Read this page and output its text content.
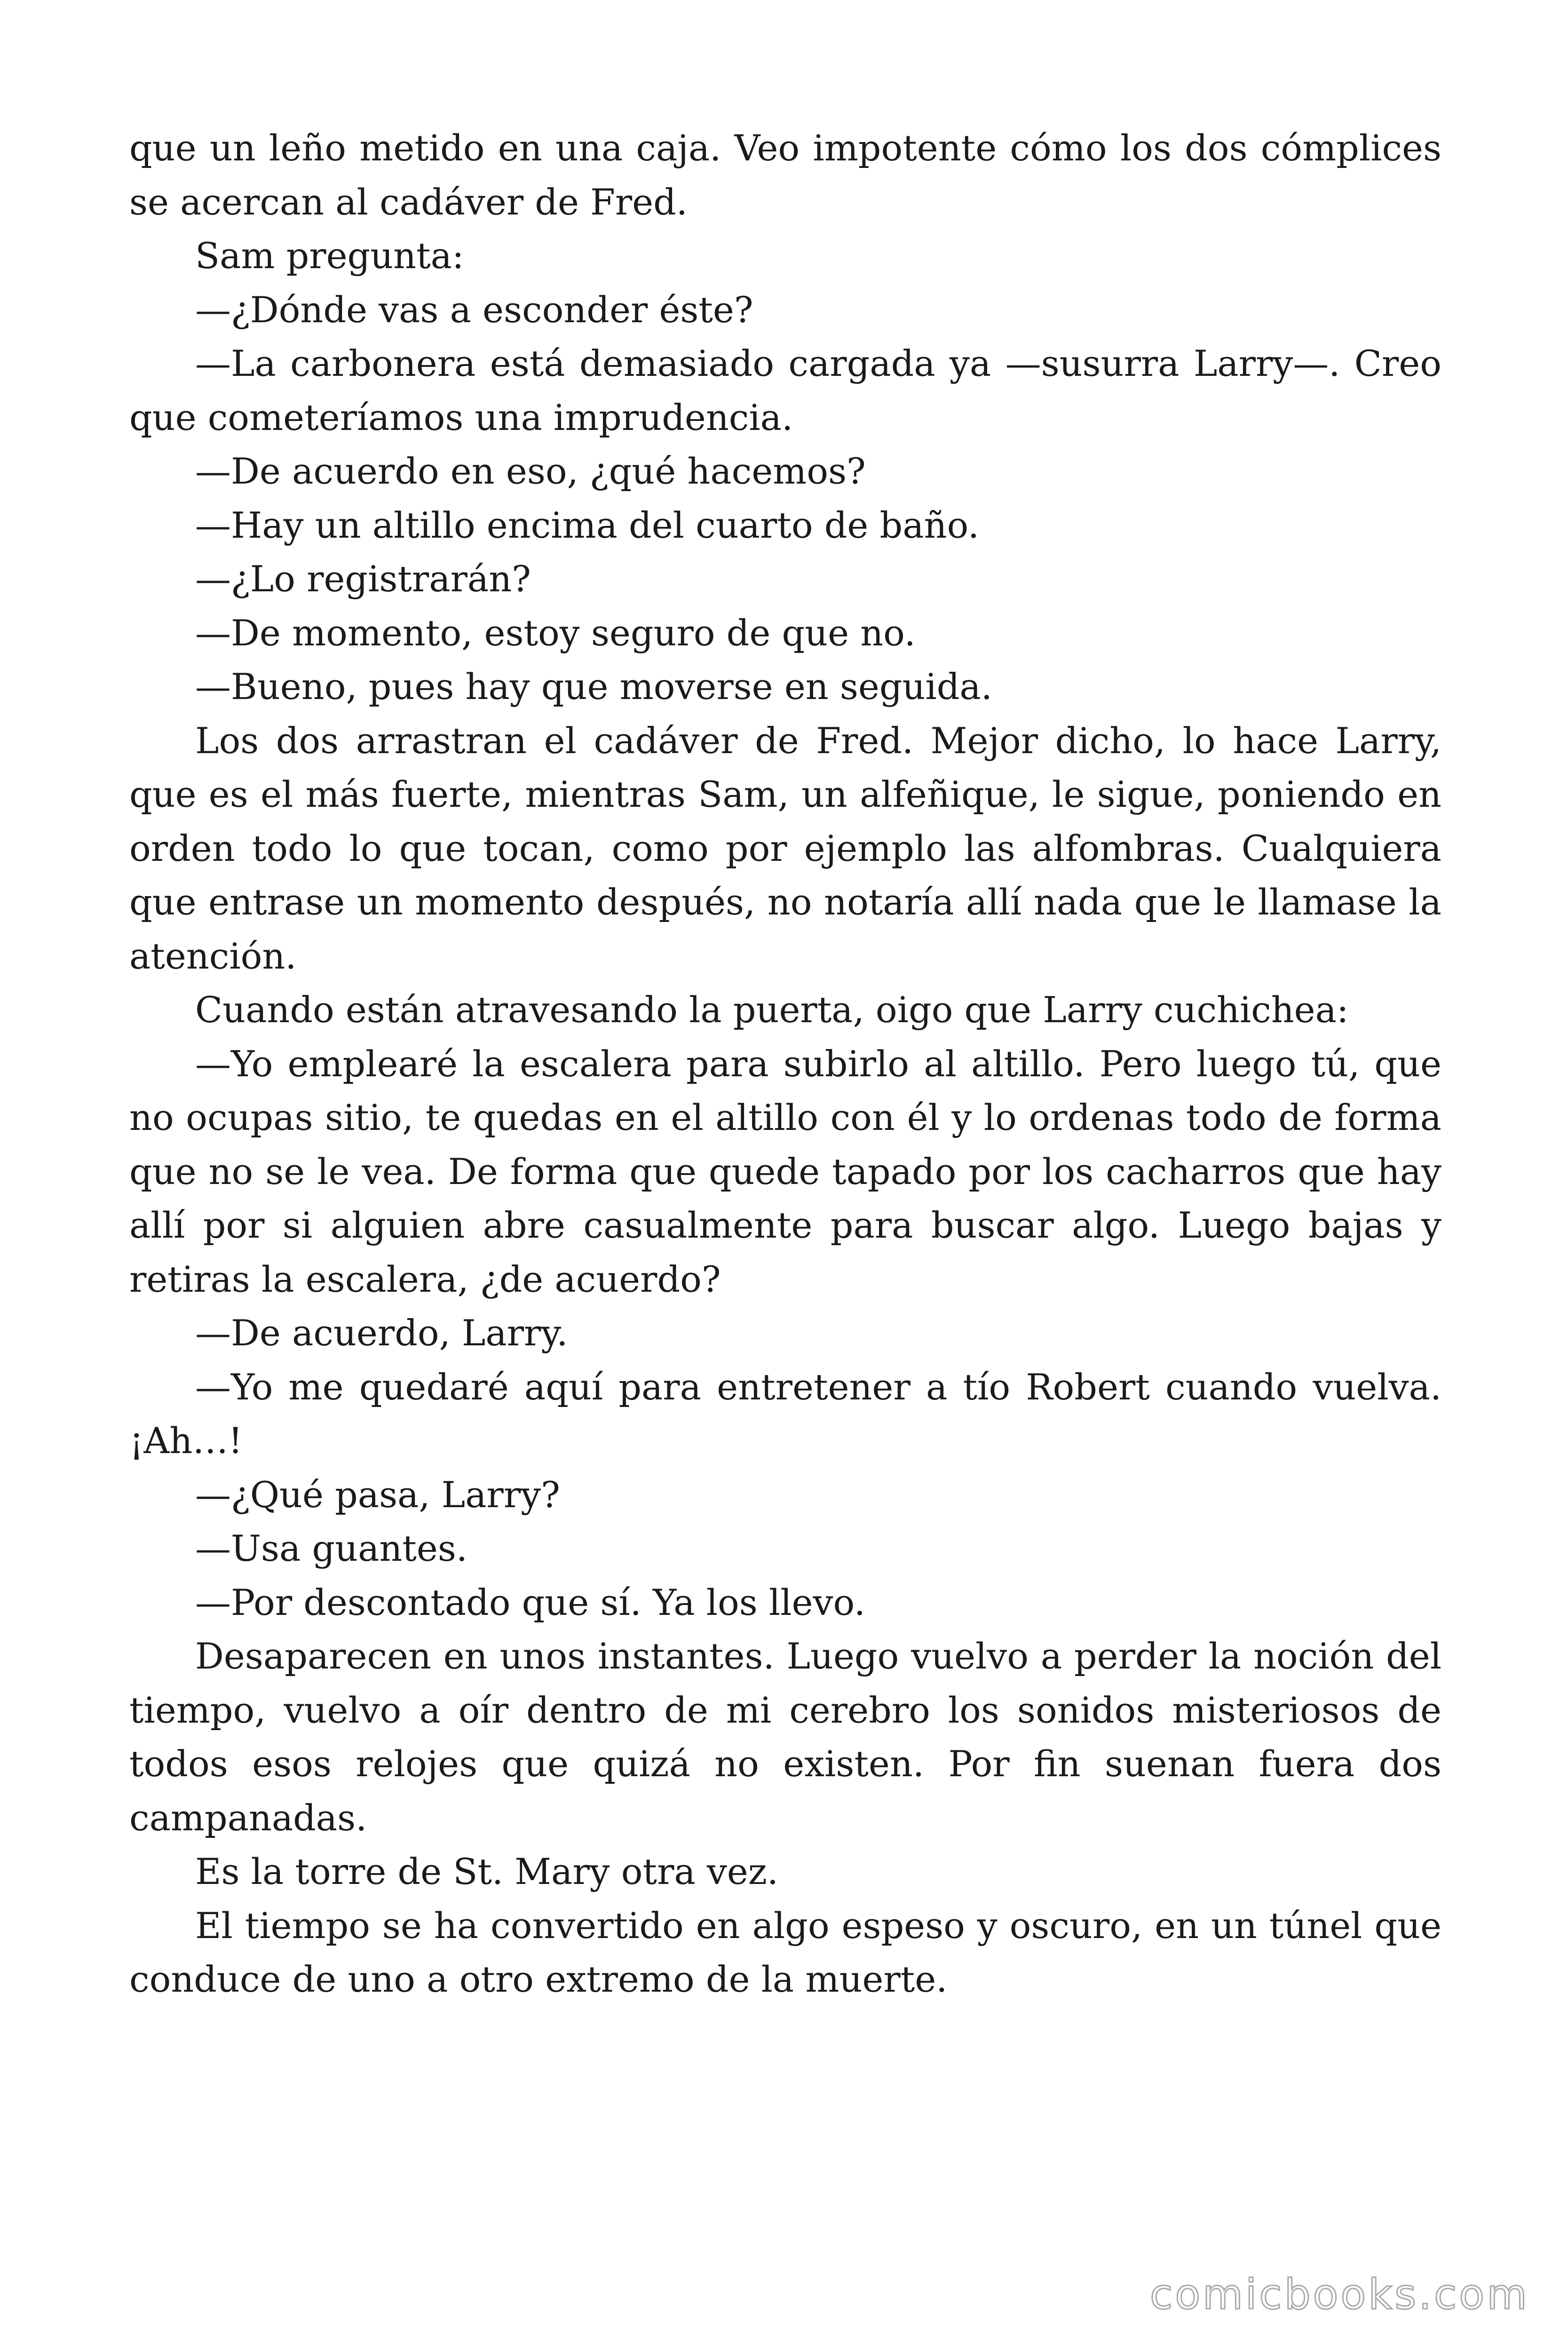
que un leño metido en una caja. Veo impotente cómo los dos cómplices se acercan al cadáver de Fred.

Sam pregunta:

—¿Dónde vas a esconder éste?

—La carbonera está demasiado cargada ya —susurra Larry—. Creo que cometeríamos una imprudencia.

—De acuerdo en eso, ¿qué hacemos?

—Hay un altillo encima del cuarto de baño.

—¿Lo registrarán?

—De momento, estoy seguro de que no.

—Bueno, pues hay que moverse en seguida.

Los dos arrastran el cadáver de Fred. Mejor dicho, lo hace Larry, que es el más fuerte, mientras Sam, un alfeñique, le sigue, poniendo en orden todo lo que tocan, como por ejemplo las alfombras. Cualquiera que entrase un momento después, no notaría allí nada que le llamase la atención.

Cuando están atravesando la puerta, oigo que Larry cuchichea:

—Yo emplearé la escalera para subirlo al altillo. Pero luego tú, que no ocupas sitio, te quedas en el altillo con él y lo ordenas todo de forma que no se le vea. De forma que quede tapado por los cacharros que hay allí por si alguien abre casualmente para buscar algo. Luego bajas y retiras la escalera, ¿de acuerdo?

—De acuerdo, Larry.

—Yo me quedaré aquí para entretener a tío Robert cuando vuelva. ¡Ah…!

—¿Qué pasa, Larry?

—Usa guantes.

—Por descontado que sí. Ya los llevo.

Desaparecen en unos instantes. Luego vuelvo a perder la noción del tiempo, vuelvo a oír dentro de mi cerebro los sonidos misteriosos de todos esos relojes que quizá no existen. Por fin suenan fuera dos campanadas.

Es la torre de St. Mary otra vez.

El tiempo se ha convertido en algo espeso y oscuro, en un túnel que conduce de uno a otro extremo de la muerte.

comicbooks.com
